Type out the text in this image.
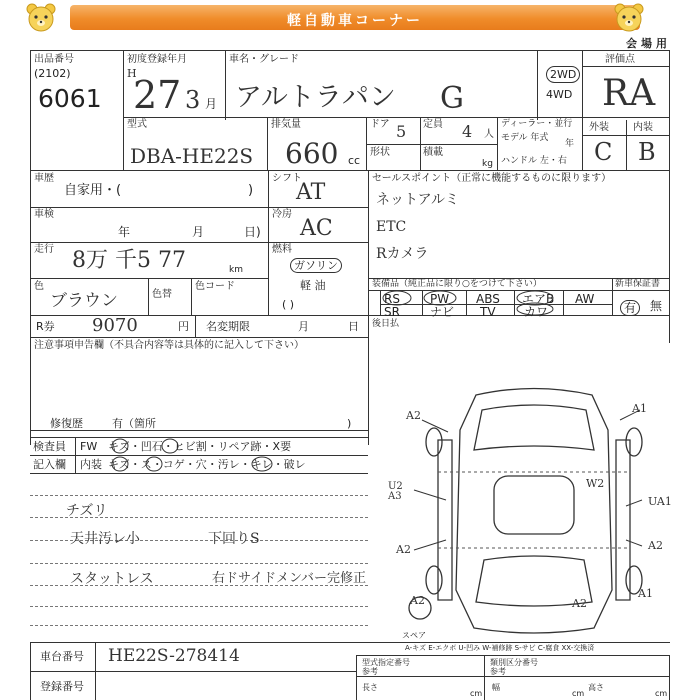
軽自動車コーナー
会場用
出品番号
(2102)
6061
初度登録年月
H
27 3 月
車名・グレード
アルトラパン G
2WD
4WD
評価点
RA
型式
DBA-HE22S
排気量
660 cc
ドア 5 定員 4 人
形状	積載
kg
ディーラー・並行
モデル 年式
年
ハンドル 左・右
外装 内装
C B
車歴
自家用・(	)
車検
年	月	日)
走行 8万 千5 77	km
色
ブラウン	色替
色コード
R券 9070	円 名変期限	月	日
シフト
AT
冷房
AC
燃料
ガソリン
軽 油
( )
セールスポイント（正常に機能するものに限ります）
ネットアルミ
ETC
Rカメラ
装備品（純正品に限り○をつけて下さい）
RS	PW ABS エアB AW
SR	ナビ TV カワ
新車保証書
有	無
後日払
注意事項申告欄（不具合内容等は具体的に記入して下さい）
修復歴	有（箇所	)
検査員
記入欄
FW キズ・凹石・ヒビ割・リペア跡・X要
内装 キズ・ス・コゲ・穴・汚レ・キレ・破レ
チズリ
天井汚レ小	下回りS
スタットレス	右ドサイドメンバー完修正
A2
A1
U2 A3
W2
UA1
A2	A2
A2	A2
A1
スペア
A-キズ E-エクボ U-凹み W-補修跡 S-サビ C-腐食 XX-交換済
車台番号 HE22S-278414
登録番号
型式指定番号
参考
類別区分番号
参考
長さ
cm
幅
cm
高さ
cm
